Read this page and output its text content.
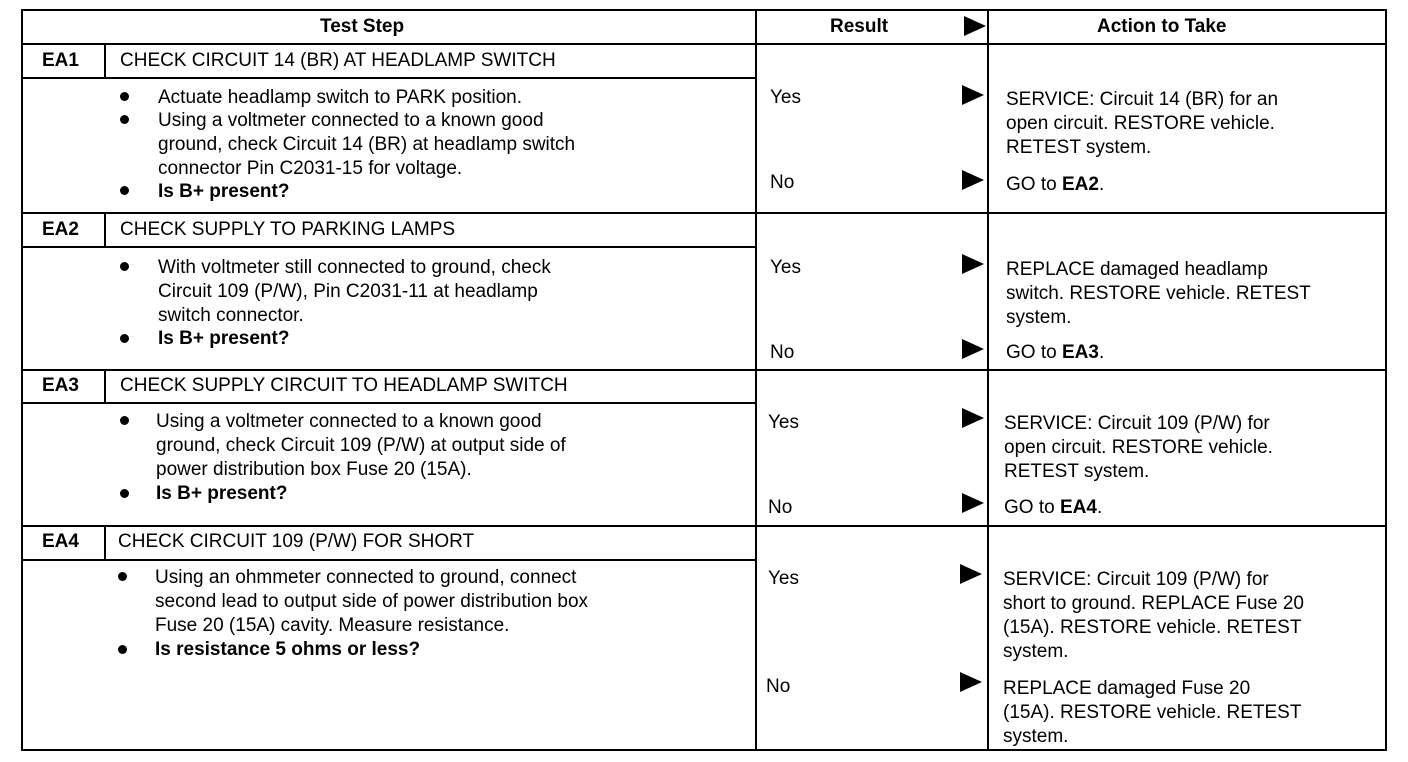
Test Step	Result	Action to Take
EA1 CHECK CIRCUIT 14 (BR) AT HEADLAMP SWITCH
Actuate headlamp switch to PARK position.
Using a voltmeter connected to a known good
ground, check Circuit 14 (BR) at headlamp switch
connector Pin C2031-15 for voltage.
Is B+ present?
Yes	SERVICE: Circuit 14 (BR) for an
open circuit. RESTORE vehicle.
RETEST system.
No	GO to EA2.
EA2 CHECK SUPPLY TO PARKING LAMPS
With voltmeter still connected to ground, check
Circuit 109 (P/W), Pin C2031-11 at headlamp
switch connector.
Is B+ present?
Yes	REPLACE damaged headlamp
switch. RESTORE vehicle. RETEST
system.
No	GO to EA3.
EA3 CHECK SUPPLY CIRCUIT TO HEADLAMP SWITCH
Using a voltmeter connected to a known good
ground, check Circuit 109 (P/W) at output side of
power distribution box Fuse 20 (15A).
Is B+ present?
Yes	SERVICE: Circuit 109 (P/W) for
open circuit. RESTORE vehicle.
RETEST system.
No	GO to EA4.
EA4 CHECK CIRCUIT 109 (P/W) FOR SHORT
Using an ohmmeter connected to ground, connect
second lead to output side of power distribution box
Fuse 20 (15A) cavity. Measure resistance.
Is resistance 5 ohms or less?
Yes	SERVICE: Circuit 109 (P/W) for
short to ground. REPLACE Fuse 20
(15A). RESTORE vehicle. RETEST
system.
No	REPLACE damaged Fuse 20
(15A). RESTORE vehicle. RETEST
system.
